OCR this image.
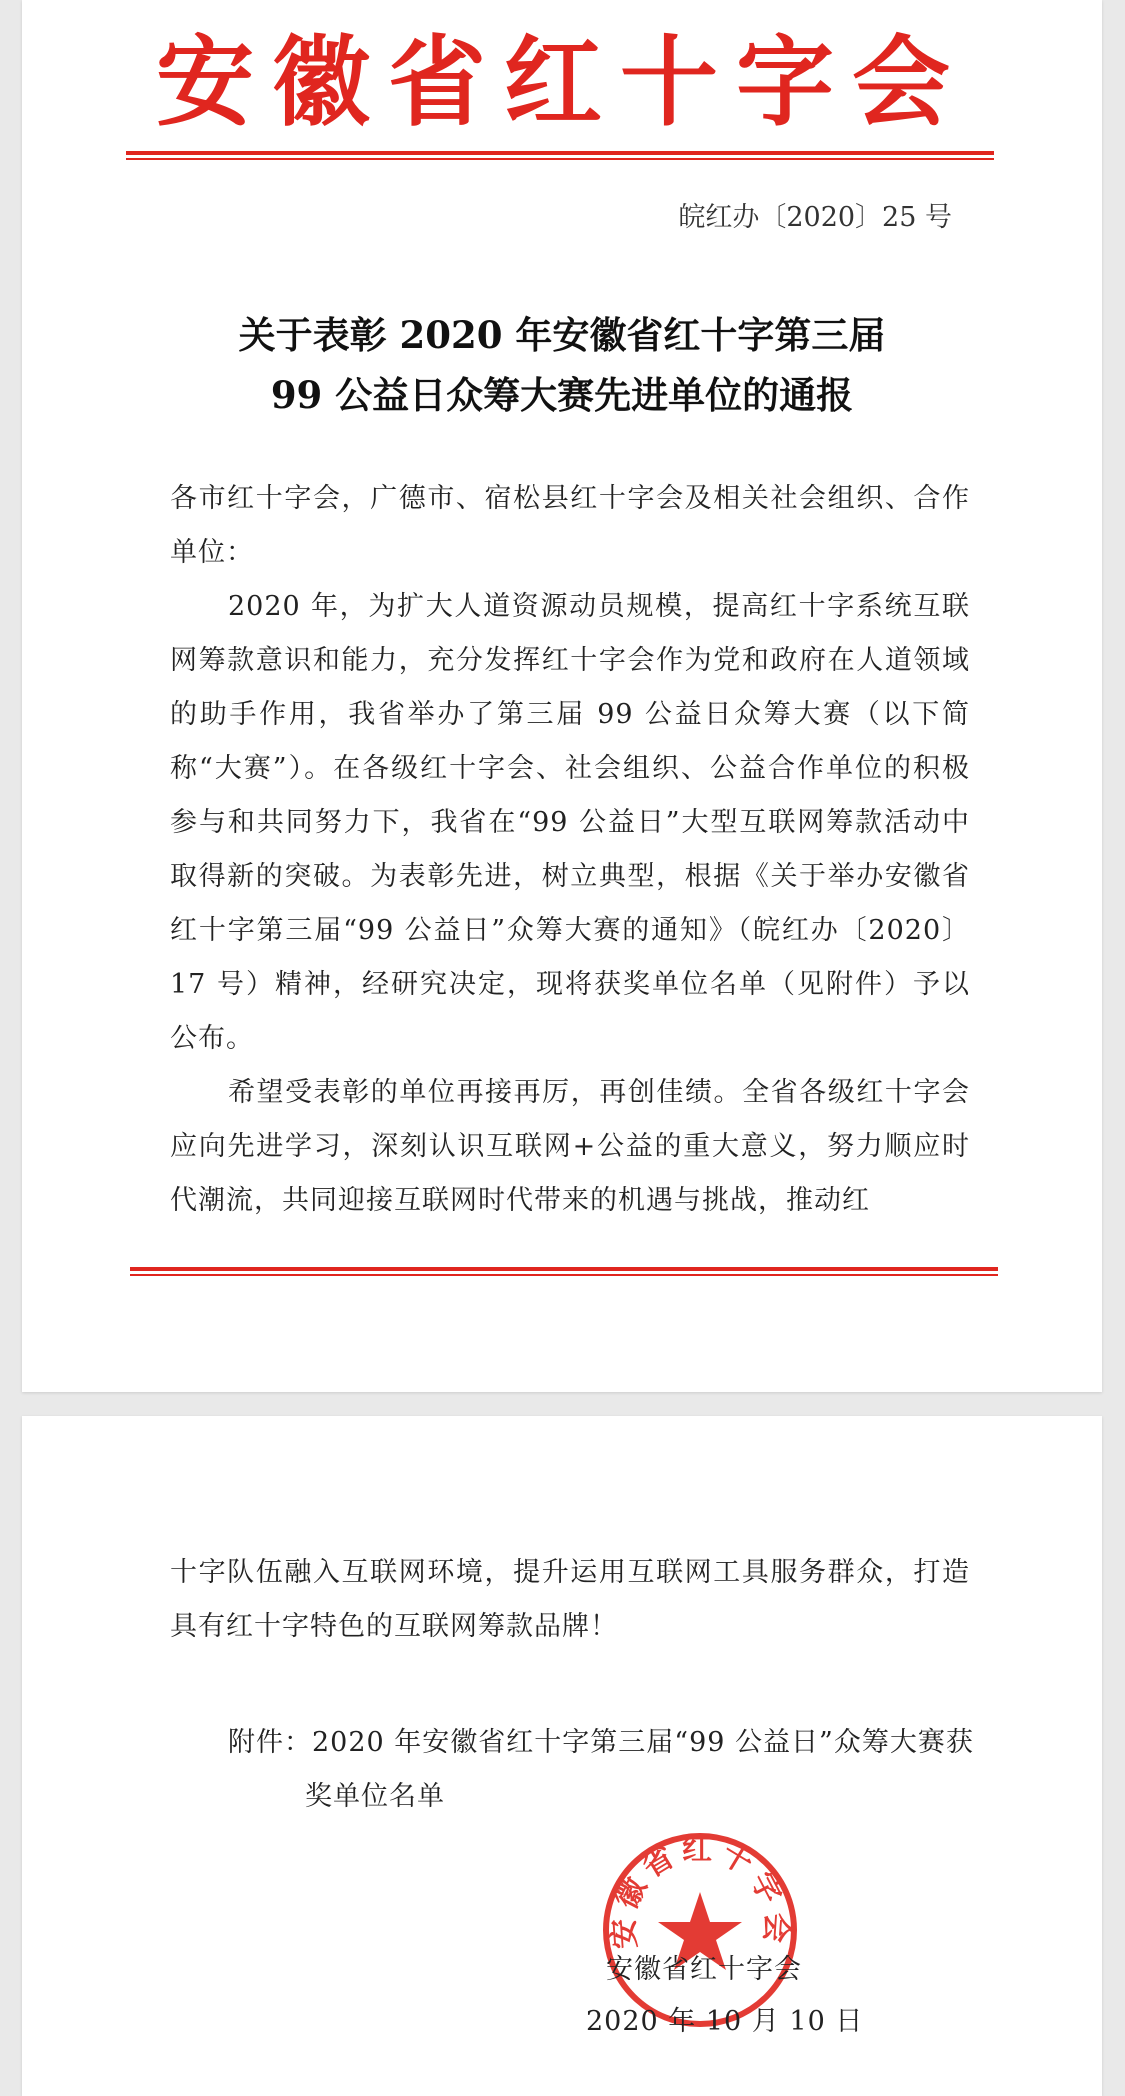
安徽省红十字会
皖红办〔2020〕25 号
关于表彰 2020 年安徽省红十字第三届
99 公益日众筹大赛先进单位的通报

各市红十字会，广德市、宿松县红十字会及相关社会组织、合作单位：

2020 年，为扩大人道资源动员规模，提高红十字系统互联网筹款意识和能力，充分发挥红十字会作为党和政府在人道领域的助手作用，我省举办了第三届 99 公益日众筹大赛（以下简称“大赛”）。在各级红十字会、社会组织、公益合作单位的积极参与和共同努力下，我省在“99 公益日”大型互联网筹款活动中取得新的突破。为表彰先进，树立典型，根据《关于举办安徽省红十字第三届“99 公益日”众筹大赛的通知》（皖红办〔2020〕17 号）精神，经研究决定，现将获奖单位名单（见附件）予以公布。

希望受表彰的单位再接再厉，再创佳绩。全省各级红十字会应向先进学习，深刻认识互联网+公益的重大意义，努力顺应时代潮流，共同迎接互联网时代带来的机遇与挑战，推动红

十字队伍融入互联网环境，提升运用互联网工具服务群众，打造具有红十字特色的互联网筹款品牌！

附件：2020 年安徽省红十字第三届“99 公益日”众筹大赛获

奖单位名单

安徽省红十字会
安徽省红十字会
2020 年 10 月 10 日
